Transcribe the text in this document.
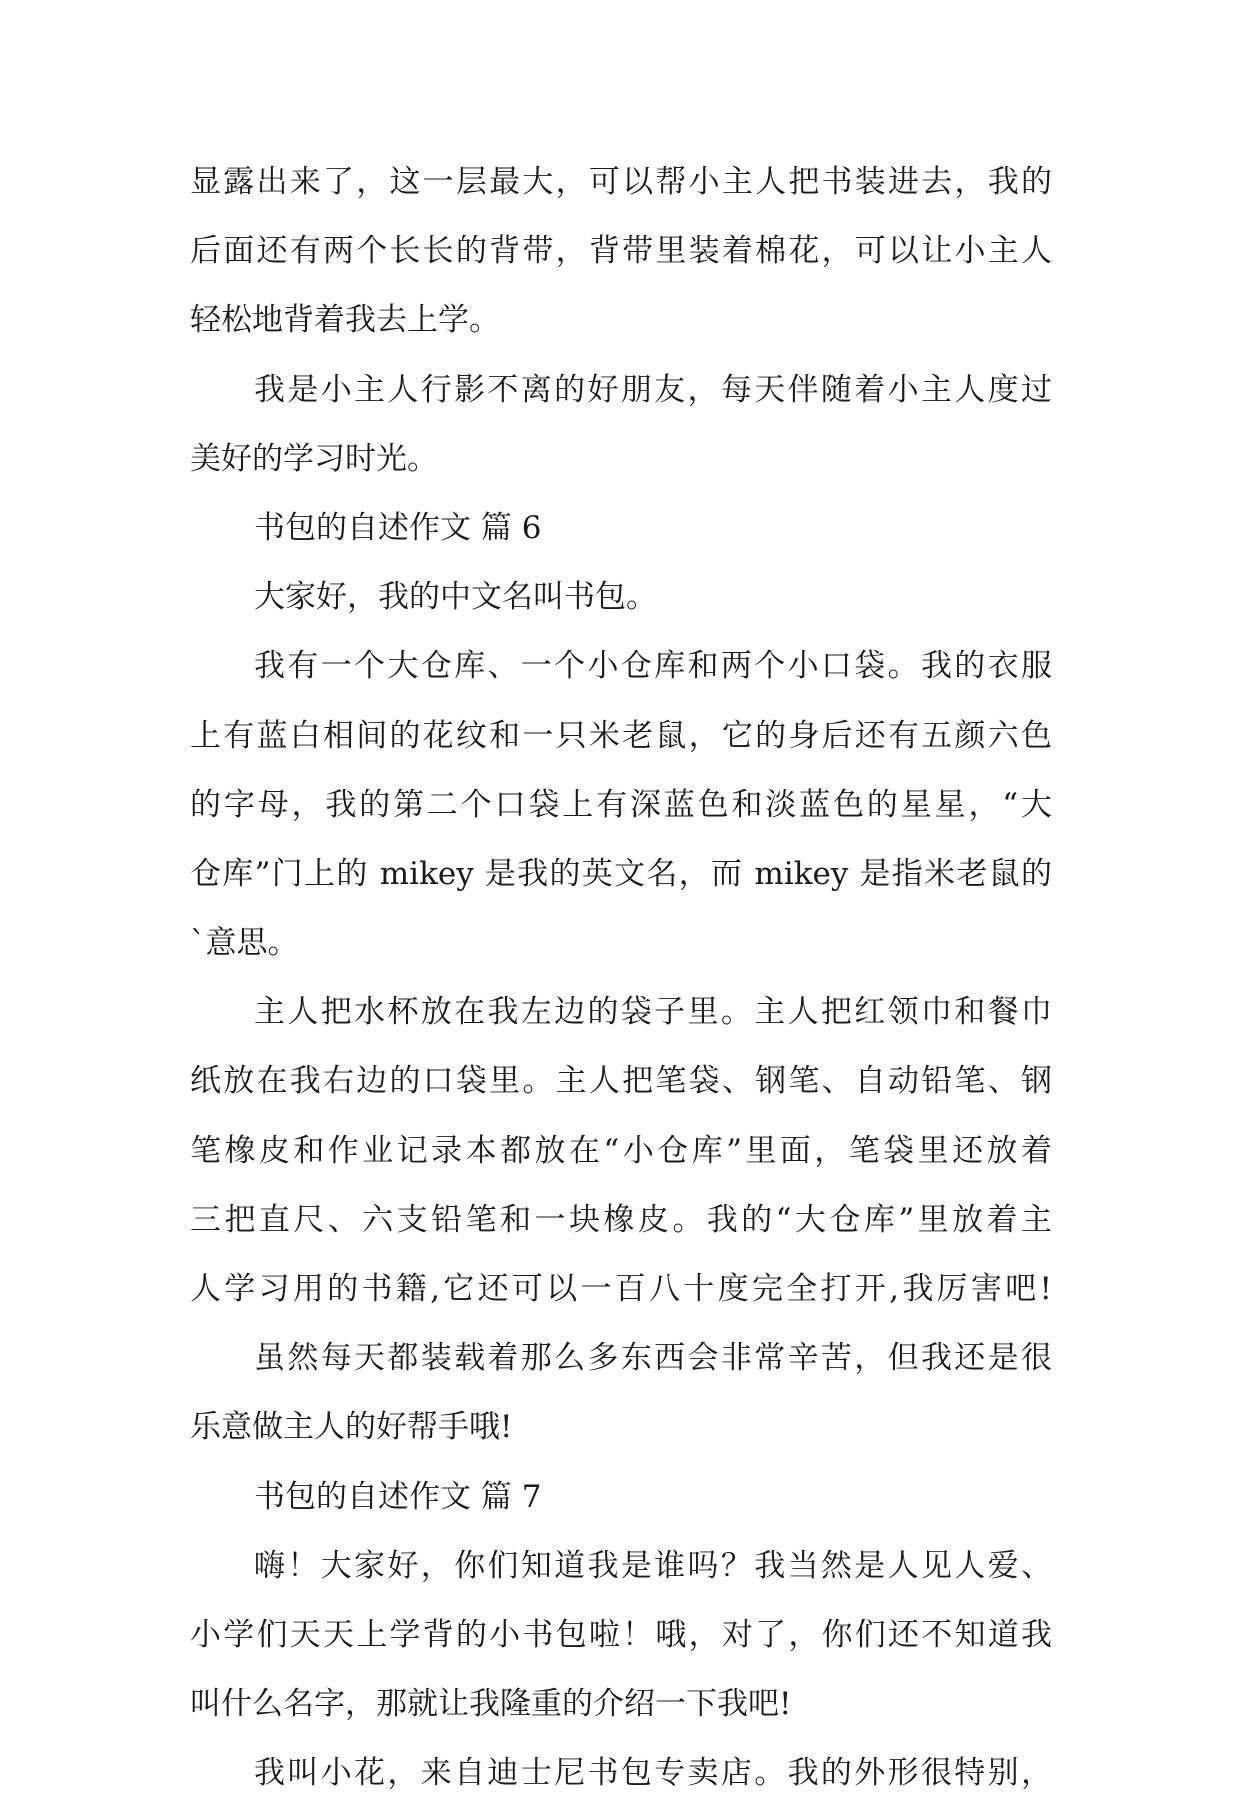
显露出来了，这一层最大，可以帮小主人把书装进去，我的
后面还有两个长长的背带，背带里装着棉花，可以让小主人
轻松地背着我去上学。
我是小主人行影不离的好朋友，每天伴随着小主人度过
美好的学习时光。
书包的自述作文 篇 6
大家好，我的中文名叫书包。
我有一个大仓库、一个小仓库和两个小口袋。我的衣服
上有蓝白相间的花纹和一只米老鼠，它的身后还有五颜六色
的字母，我的第二个口袋上有深蓝色和淡蓝色的星星，“大
仓库”门上的 mikey 是我的英文名，而 mikey 是指米老鼠的
`意思。
主人把水杯放在我左边的袋子里。主人把红领巾和餐巾
纸放在我右边的口袋里。主人把笔袋、钢笔、自动铅笔、钢
笔橡皮和作业记录本都放在“小仓库”里面，笔袋里还放着
三把直尺、六支铅笔和一块橡皮。我的“大仓库”里放着主
人学习用的书籍,它还可以一百八十度完全打开,我厉害吧!
虽然每天都装载着那么多东西会非常辛苦，但我还是很
乐意做主人的好帮手哦!
书包的自述作文 篇 7
嗨！大家好，你们知道我是谁吗？我当然是人见人爱、
小学们天天上学背的小书包啦！哦，对了，你们还不知道我
叫什么名字，那就让我隆重的介绍一下我吧!
我叫小花，来自迪士尼书包专卖店。我的外形很特别，
